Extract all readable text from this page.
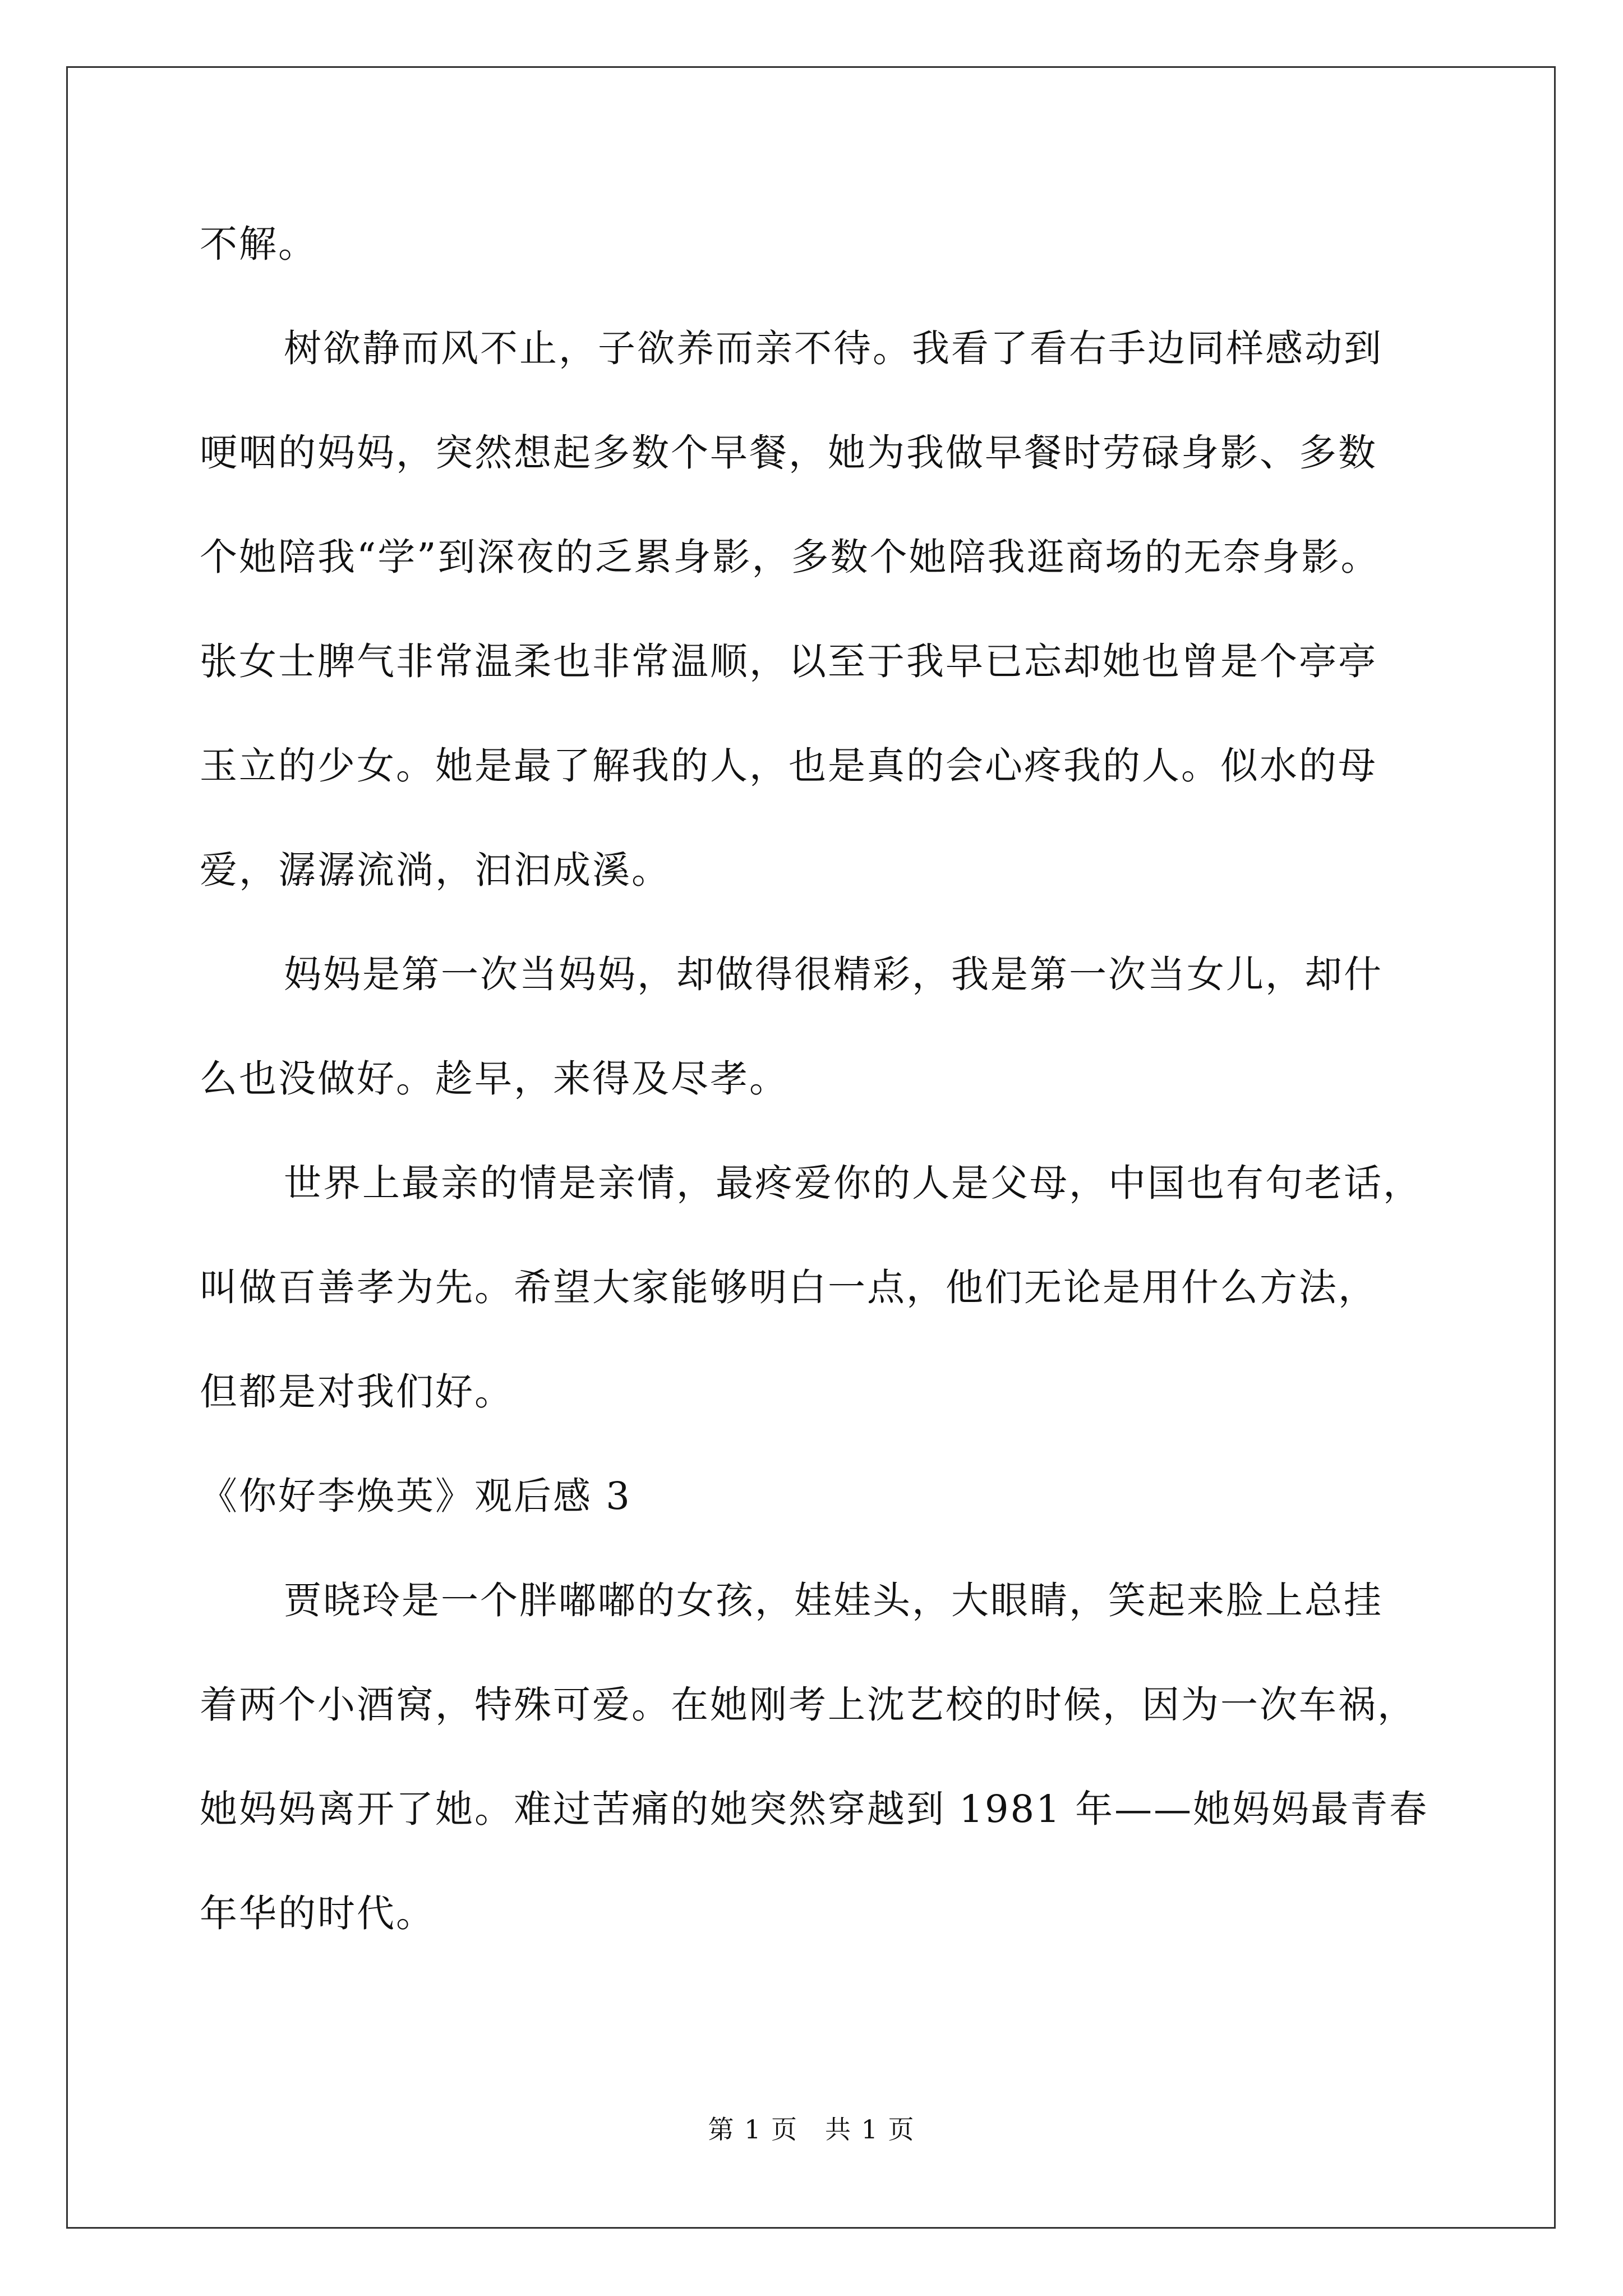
不解。
树欲静而风不止，子欲养而亲不待。我看了看右手边同样感动到
哽咽的妈妈，突然想起多数个早餐，她为我做早餐时劳碌身影、多数
个她陪我“学”到深夜的乏累身影，多数个她陪我逛商场的无奈身影。
张女士脾气非常温柔也非常温顺，以至于我早已忘却她也曾是个亭亭
玉立的少女。她是最了解我的人，也是真的会心疼我的人。似水的母
爱，潺潺流淌，汩汩成溪。
妈妈是第一次当妈妈，却做得很精彩，我是第一次当女儿，却什
么也没做好。趁早，来得及尽孝。
世界上最亲的情是亲情，最疼爱你的人是父母，中国也有句老话，
叫做百善孝为先。希望大家能够明白一点，他们无论是用什么方法，
但都是对我们好。
《你好李焕英》观后感 3
贾晓玲是一个胖嘟嘟的女孩，娃娃头，大眼睛，笑起来脸上总挂
着两个小酒窝，特殊可爱。在她刚考上沈艺校的时候，因为一次车祸，
她妈妈离开了她。难过苦痛的她突然穿越到 1981 年——她妈妈最青春
年华的时代。
第 1 页　共 1 页
